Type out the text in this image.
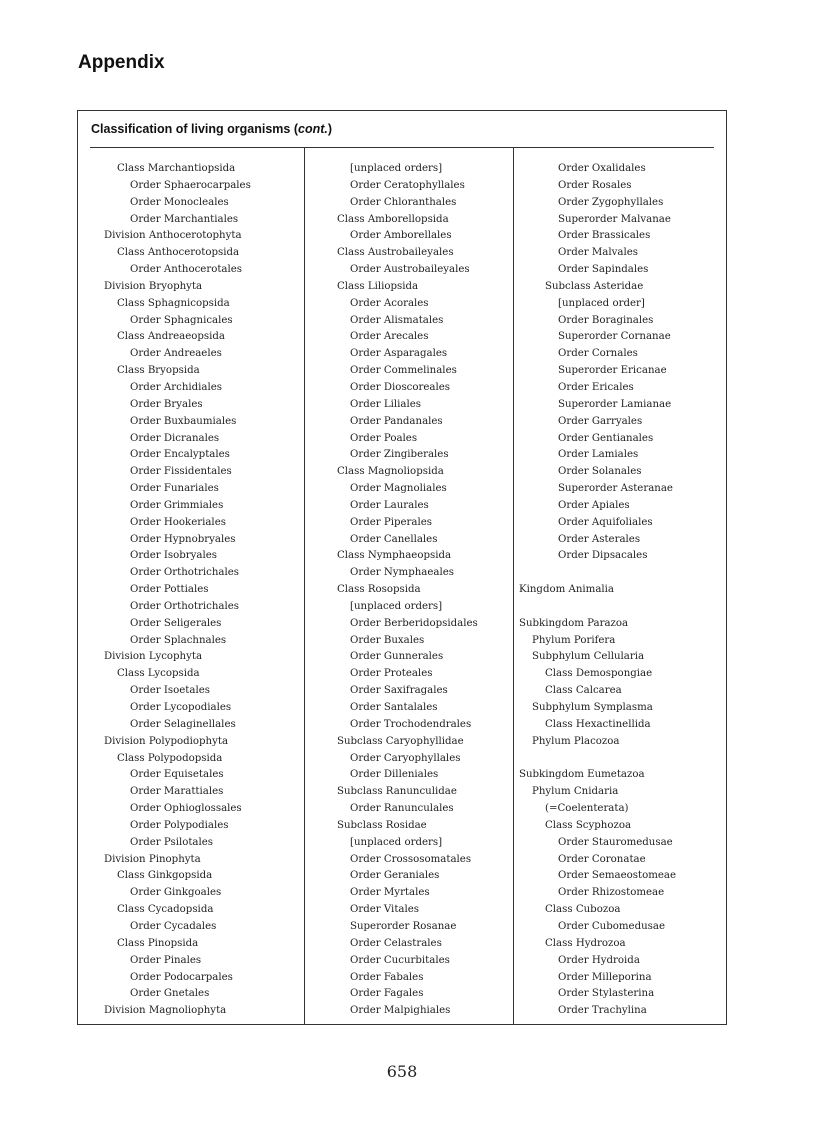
Appendix
Classification of living organisms (cont.)
Class Marchantiopsida
Order Sphaerocarpales
Order Monocleales
Order Marchantiales
Division Anthocerotophyta
Class Anthocerotopsida
Order Anthocerotales
Division Bryophyta
Class Sphagnicopsida
Order Sphagnicales
Class Andreaeopsida
Order Andreaeles
Class Bryopsida
Order Archidiales
Order Bryales
Order Buxbaumiales
Order Dicranales
Order Encalyptales
Order Fissidentales
Order Funariales
Order Grimmiales
Order Hookeriales
Order Hypnobryales
Order Isobryales
Order Orthotrichales
Order Pottiales
Order Orthotrichales
Order Seligerales
Order Splachnales
Division Lycophyta
Class Lycopsida
Order Isoetales
Order Lycopodiales
Order Selaginellales
Division Polypodiophyta
Class Polypodopsida
Order Equisetales
Order Marattiales
Order Ophioglossales
Order Polypodiales
Order Psilotales
Division Pinophyta
Class Ginkgopsida
Order Ginkgoales
Class Cycadopsida
Order Cycadales
Class Pinopsida
Order Pinales
Order Podocarpales
Order Gnetales
Division Magnoliophyta
[unplaced orders]
Order Ceratophyllales
Order Chloranthales
Class Amborellopsida
Order Amborellales
Class Austrobaileyales
Order Austrobaileyales
Class Liliopsida
Order Acorales
Order Alismatales
Order Arecales
Order Asparagales
Order Commelinales
Order Dioscoreales
Order Liliales
Order Pandanales
Order Poales
Order Zingiberales
Class Magnoliopsida
Order Magnoliales
Order Laurales
Order Piperales
Order Canellales
Class Nymphaeopsida
Order Nymphaeales
Class Rosopsida
[unplaced orders]
Order Berberidopsidales
Order Buxales
Order Gunnerales
Order Proteales
Order Saxifragales
Order Santalales
Order Trochodendrales
Subclass Caryophyllidae
Order Caryophyllales
Order Dilleniales
Subclass Ranunculidae
Order Ranunculales
Subclass Rosidae
[unplaced orders]
Order Crossosomatales
Order Geraniales
Order Myrtales
Order Vitales
Superorder Rosanae
Order Celastrales
Order Cucurbitales
Order Fabales
Order Fagales
Order Malpighiales
Order Oxalidales
Order Rosales
Order Zygophyllales
Superorder Malvanae
Order Brassicales
Order Malvales
Order Sapindales
Subclass Asteridae
[unplaced order]
Order Boraginales
Superorder Cornanae
Order Cornales
Superorder Ericanae
Order Ericales
Superorder Lamianae
Order Garryales
Order Gentianales
Order Lamiales
Order Solanales
Superorder Asteranae
Order Apiales
Order Aquifoliales
Order Asterales
Order Dipsacales
Kingdom Animalia
Subkingdom Parazoa
Phylum Porifera
Subphylum Cellularia
Class Demospongiae
Class Calcarea
Subphylum Symplasma
Class Hexactinellida
Phylum Placozoa
Subkingdom Eumetazoa
Phylum Cnidaria
(=Coelenterata)
Class Scyphozoa
Order Stauromedusae
Order Coronatae
Order Semaeostomeae
Order Rhizostomeae
Class Cubozoa
Order Cubomedusae
Class Hydrozoa
Order Hydroida
Order Milleporina
Order Stylasterina
Order Trachylina
658
